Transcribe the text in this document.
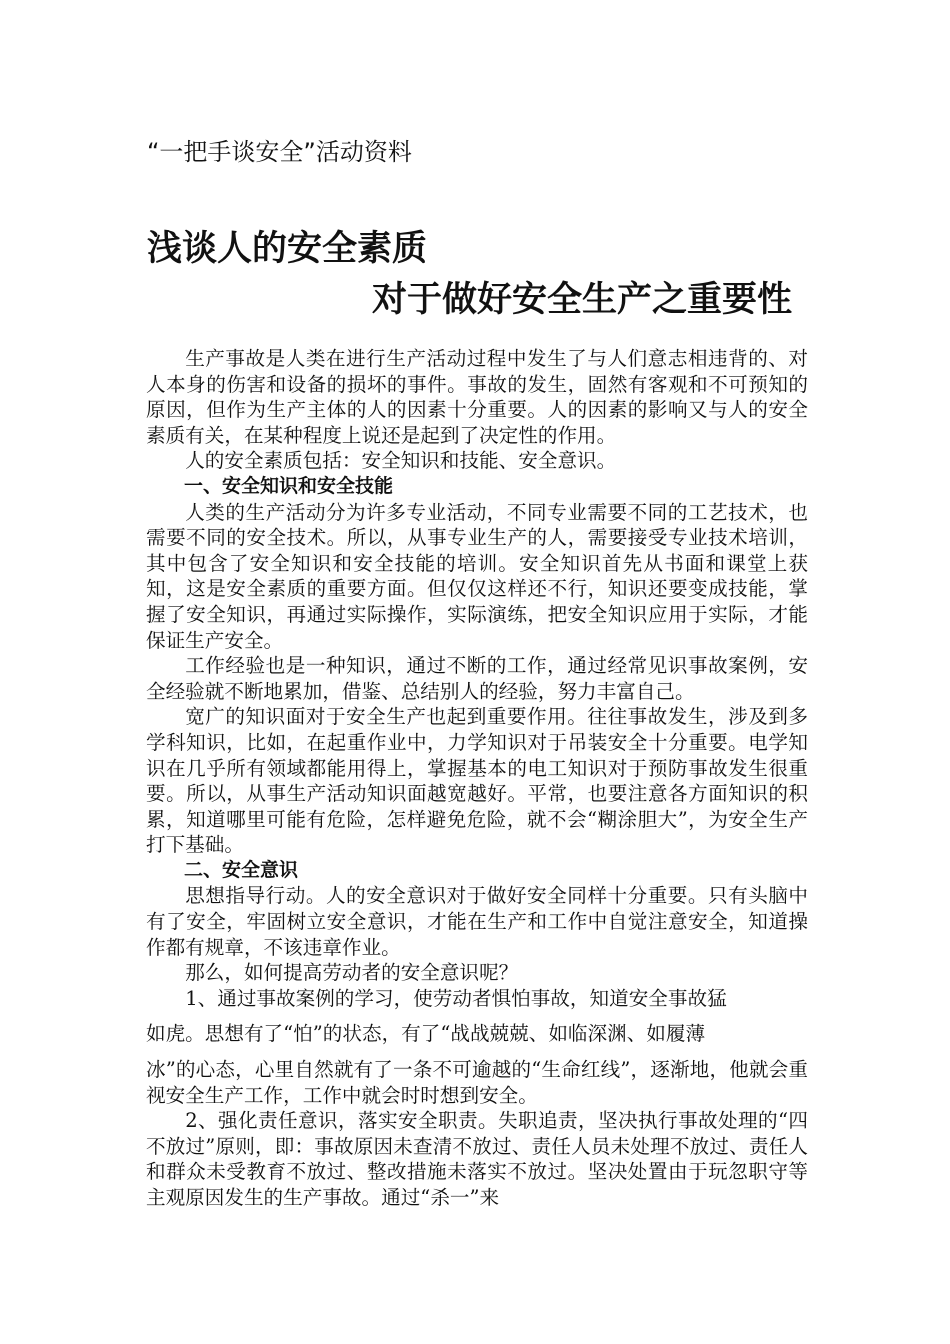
“一把手谈安全”活动资料
浅谈人的安全素质
对于做好安全生产之重要性

生产事故是人类在进行生产活动过程中发生了与人们意志相违背的、对人本身的伤害和设备的损坏的事件。事故的发生，固然有客观和不可预知的原因，但作为生产主体的人的因素十分重要。人的因素的影响又与人的安全素质有关，在某种程度上说还是起到了决定性的作用。

人的安全素质包括：安全知识和技能、安全意识。

一、安全知识和安全技能

人类的生产活动分为许多专业活动，不同专业需要不同的工艺技术，也需要不同的安全技术。所以，从事专业生产的人，需要接受专业技术培训，其中包含了安全知识和安全技能的培训。安全知识首先从书面和课堂上获知，这是安全素质的重要方面。但仅仅这样还不行，知识还要变成技能，掌握了安全知识，再通过实际操作，实际演练，把安全知识应用于实际，才能保证生产安全。

工作经验也是一种知识，通过不断的工作，通过经常见识事故案例，安全经验就不断地累加，借鉴、总结别人的经验，努力丰富自己。

宽广的知识面对于安全生产也起到重要作用。往往事故发生，涉及到多学科知识，比如，在起重作业中，力学知识对于吊装安全十分重要。电学知识在几乎所有领域都能用得上，掌握基本的电工知识对于预防事故发生很重要。所以，从事生产活动知识面越宽越好。平常，也要注意各方面知识的积累，知道哪里可能有危险，怎样避免危险，就不会“糊涂胆大”，为安全生产打下基础。

二、安全意识

思想指导行动。人的安全意识对于做好安全同样十分重要。只有头脑中有了安全，牢固树立安全意识，才能在生产和工作中自觉注意安全，知道操作都有规章，不该违章作业。

那么，如何提高劳动者的安全意识呢？

1、通过事故案例的学习，使劳动者惧怕事故，知道安全事故猛

如虎。思想有了“怕”的状态，有了“战战兢兢、如临深渊、如履薄

冰”的心态，心里自然就有了一条不可逾越的“生命红线”，逐渐地，他就会重视安全生产工作，工作中就会时时想到安全。

2、强化责任意识，落实安全职责。失职追责，坚决执行事故处理的“四不放过”原则，即：事故原因未查清不放过、责任人员未处理不放过、责任人和群众未受教育不放过、整改措施未落实不放过。坚决处置由于玩忽职守等主观原因发生的生产事故。通过“杀一”来
